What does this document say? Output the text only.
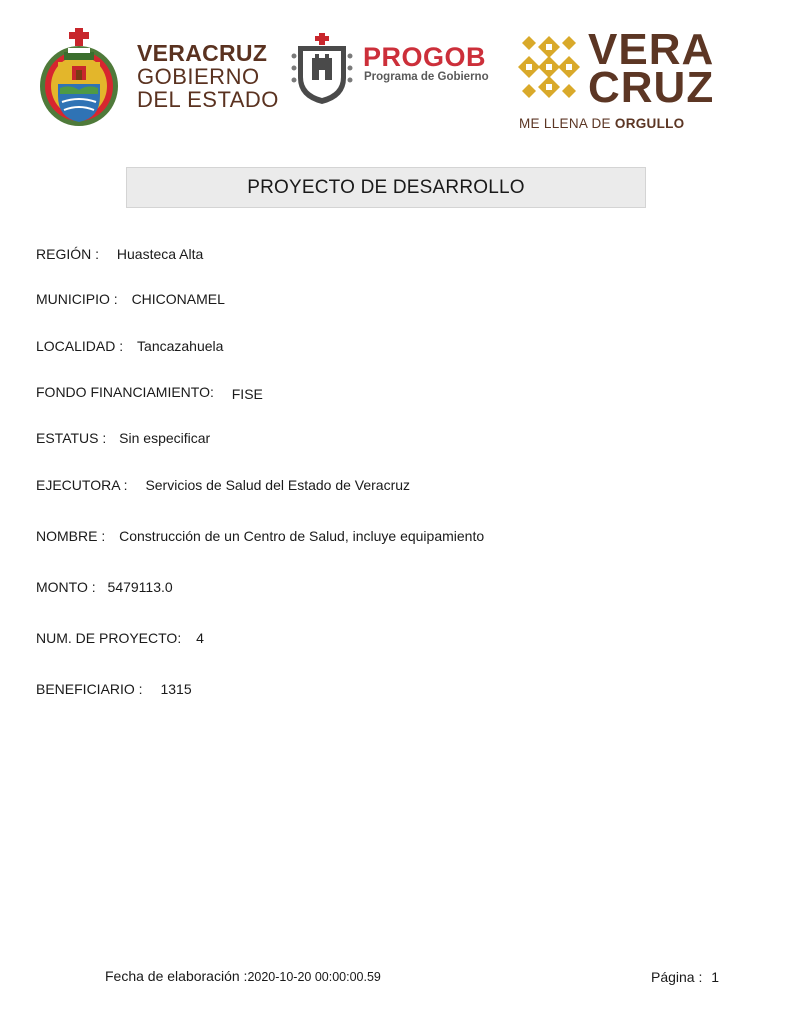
VERACRUZ
GOBIERNO
DEL ESTADO
PROGOB
Programa de Gobierno
VERA
CRUZ
ME LLENA DE ORGULLO
PROYECTO DE DESARROLLO
REGIÓN : Huasteca Alta
MUNICIPIO : CHICONAMEL
LOCALIDAD : Tancazahuela
FONDO FINANCIAMIENTO: FISE
ESTATUS : Sin especificar
EJECUTORA : Servicios de Salud del Estado de Veracruz
NOMBRE : Construcción de un Centro de Salud, incluye equipamiento
MONTO : 5479113.0
NUM. DE PROYECTO: 4
BENEFICIARIO : 1315
Fecha de elaboración :2020-10-20 00:00:00.59	Página : 1
